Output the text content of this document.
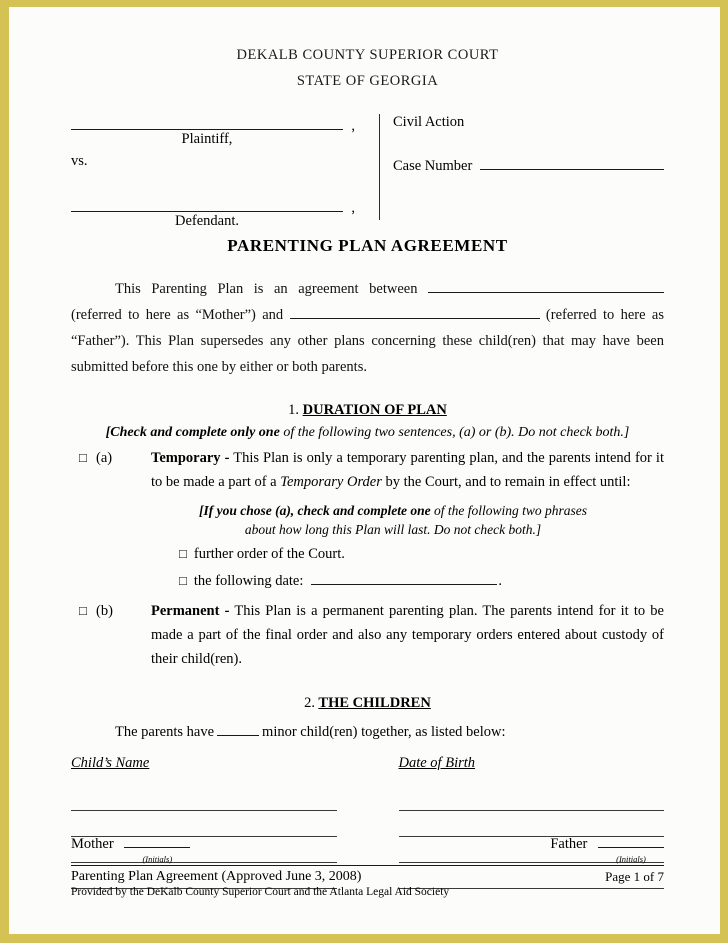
DEKALB COUNTY SUPERIOR COURT
STATE OF GEORGIA
,
Plaintiff,
vs.
,
Defendant.
Civil Action
Case Number
PARENTING PLAN AGREEMENT
This Parenting Plan is an agreement between  (referred to here as “Mother”) and	(referred to here as “Father”). This Plan supersedes any other plans concerning these child(ren) that may have been submitted before this one by either or both parents.
1. DURATION OF PLAN
[Check and complete only one of the following two sentences, (a) or (b). Do not check both.]
□ (a)	Temporary - This Plan is only a temporary parenting plan, and the parents intend for it to be made a part of a Temporary Order by the Court, and to remain in effect until:
[If you chose (a), check and complete one of the following two phrases about how long this Plan will last. Do not check both.]
□ further order of the Court.
□ the following date:	.
□ (b)	Permanent - This Plan is a permanent parenting plan. The parents intend for it to be made a part of the final order and also any temporary orders entered about custody of their child(ren).
2. THE CHILDREN
The parents have	minor child(ren) together, as listed below:
Child’s Name	Date of Birth
Mother
(Initials)
Father
(Initials)
Parenting Plan Agreement (Approved June 3, 2008)
Provided by the DeKalb County Superior Court and the Atlanta Legal Aid Society
Page 1 of 7
